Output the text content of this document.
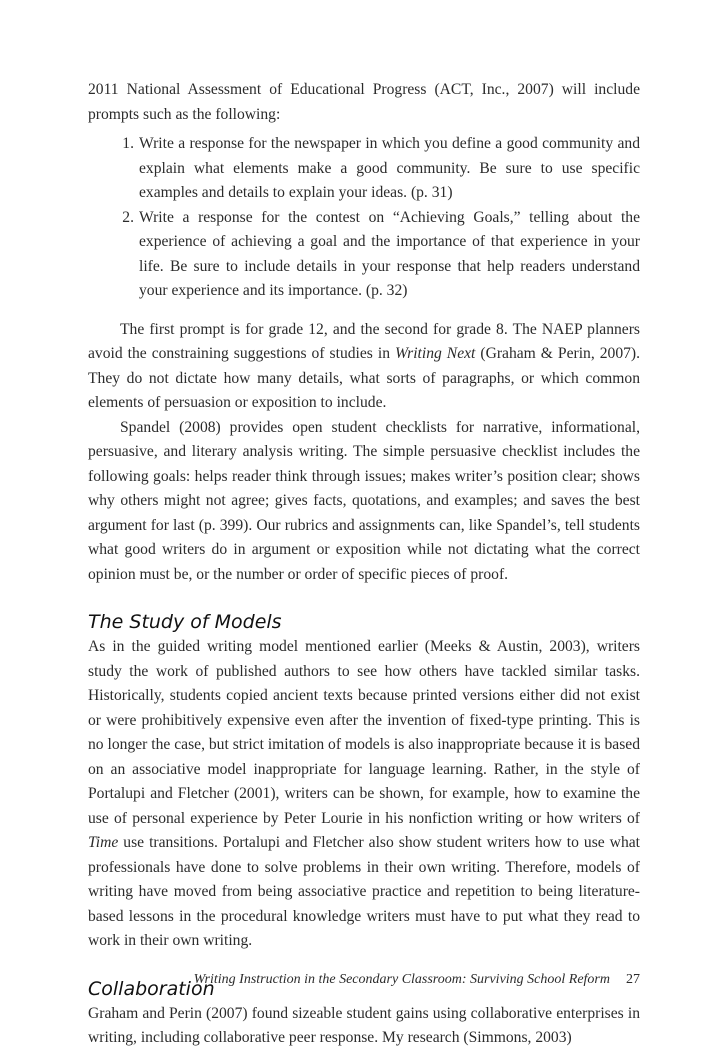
2011 National Assessment of Educational Progress (ACT, Inc., 2007) will include prompts such as the following:

1. Write a response for the newspaper in which you define a good community and explain what elements make a good community. Be sure to use specific examples and details to explain your ideas. (p. 31)
2. Write a response for the contest on “Achieving Goals,” telling about the experience of achieving a goal and the importance of that experience in your life. Be sure to include details in your response that help readers understand your experience and its importance. (p. 32)

The first prompt is for grade 12, and the second for grade 8. The NAEP planners avoid the constraining suggestions of studies in Writing Next (Graham & Perin, 2007). They do not dictate how many details, what sorts of paragraphs, or which common elements of persuasion or exposition to include.

Spandel (2008) provides open student checklists for narrative, informational, persuasive, and literary analysis writing. The simple persuasive checklist includes the following goals: helps reader think through issues; makes writer’s position clear; shows why others might not agree; gives facts, quotations, and examples; and saves the best argument for last (p. 399). Our rubrics and assignments can, like Spandel’s, tell students what good writers do in argument or exposition while not dictating what the correct opinion must be, or the number or order of specific pieces of proof.

The Study of Models

As in the guided writing model mentioned earlier (Meeks & Austin, 2003), writers study the work of published authors to see how others have tackled similar tasks. Historically, students copied ancient texts because printed versions either did not exist or were prohibitively expensive even after the invention of fixed-type printing. This is no longer the case, but strict imitation of models is also inappropriate because it is based on an associative model inappropriate for language learning. Rather, in the style of Portalupi and Fletcher (2001), writers can be shown, for example, how to examine the use of personal experience by Peter Lourie in his nonfiction writing or how writers of Time use transitions. Portalupi and Fletcher also show student writers how to use what professionals have done to solve problems in their own writing. Therefore, models of writing have moved from being associative practice and repetition to being literature-based lessons in the procedural knowledge writers must have to put what they read to work in their own writing.

Collaboration

Graham and Perin (2007) found sizeable student gains using collaborative enterprises in writing, including collaborative peer response. My research (Simmons, 2003)

Writing Instruction in the Secondary Classroom: Surviving School Reform 27
